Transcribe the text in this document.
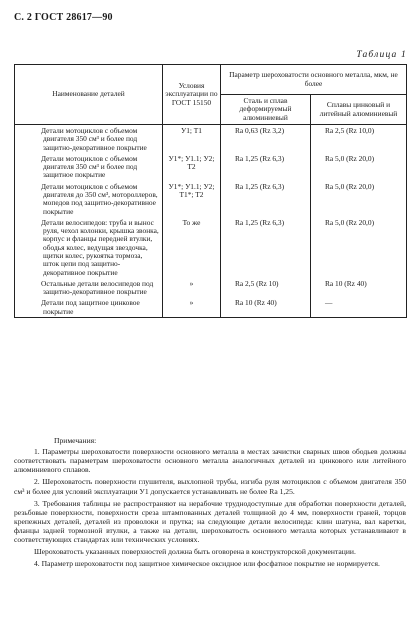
С. 2 ГОСТ 28617—90
Таблица 1
Наименование деталей	Условия эксплуатации по ГОСТ 15150	Параметр шероховатости основного металла, мкм, не более	
		Сталь и сплав деформируемый алюминиевый	Сплавы цинковый и литейный алюминиевый
Детали мотоциклов с объемом двигателя 350 см³ и более под защитно-декоративное покрытие	У1; Т1	Ra 0,63 (Rz 3,2)	Ra 2,5 (Rz 10,0)
Детали мотоциклов с объемом двигателя 350 см³ и более под защитное покрытие	У1*; У1.1; У2; Т2	Ra 1,25 (Rz 6,3)	Ra 5,0 (Rz 20,0)
Детали мотоциклов с объемом двигателя до 350 см³, мотороллеров, мопедов под защитно-декоративное покрытие	У1*; У1.1; У2; Т1*; Т2	Ra 1,25 (Rz 6,3)	Ra 5,0 (Rz 20,0)
Детали велосипедов: труба и вынос руля, чехол колонки, крышка звонка, корпус и фланцы передней втулки, ободья колес, ведущая звездочка, щитки колес, рукоятка тормоза, шток цепи под защитно-декоративное покрытие	То же	Ra 1,25 (Rz 6,3)	Ra 5,0 (Rz 20,0)
Остальные детали велосипедов под защитно-декоративное покрытие	»	Ra 2,5 (Rz 10)	Ra 10 (Rz 40)
Детали под защитное цинковое покрытие	»	Ra 10 (Rz 40)	—

Примечания:

1. Параметры шероховатости поверхности основного металла в местах зачистки сварных швов ободьев должны соответствовать параметрам шероховатости основного металла аналогичных деталей из цинкового или литейного алюминиевого сплавов.

2. Шероховатость поверхности глушителя, выхлопной трубы, изгиба руля мотоциклов с объемом двигателя 350 см³ и более для условий эксплуатации У1 допускается устанавливать не более Ra 1,25.

3. Требования таблицы не распространяют на нерабочие труднодоступные для обработки поверхности деталей, резьбовые поверхности, поверхности среза штампованных деталей толщиной до 4 мм, поверхности граней, торцов крепежных деталей, деталей из проволоки и прутка; на следующие детали велосипеда: клин шатуна, вал каретки, фланцы задней тормозной втулки, а также на детали, шероховатость основного металла которых устанавливают в соответствующих стандартах или технических условиях.

Шероховатость указанных поверхностей должна быть оговорена в конструкторской документации.

4. Параметр шероховатости под защитное химическое оксидное или фосфатное покрытие не нормируется.
